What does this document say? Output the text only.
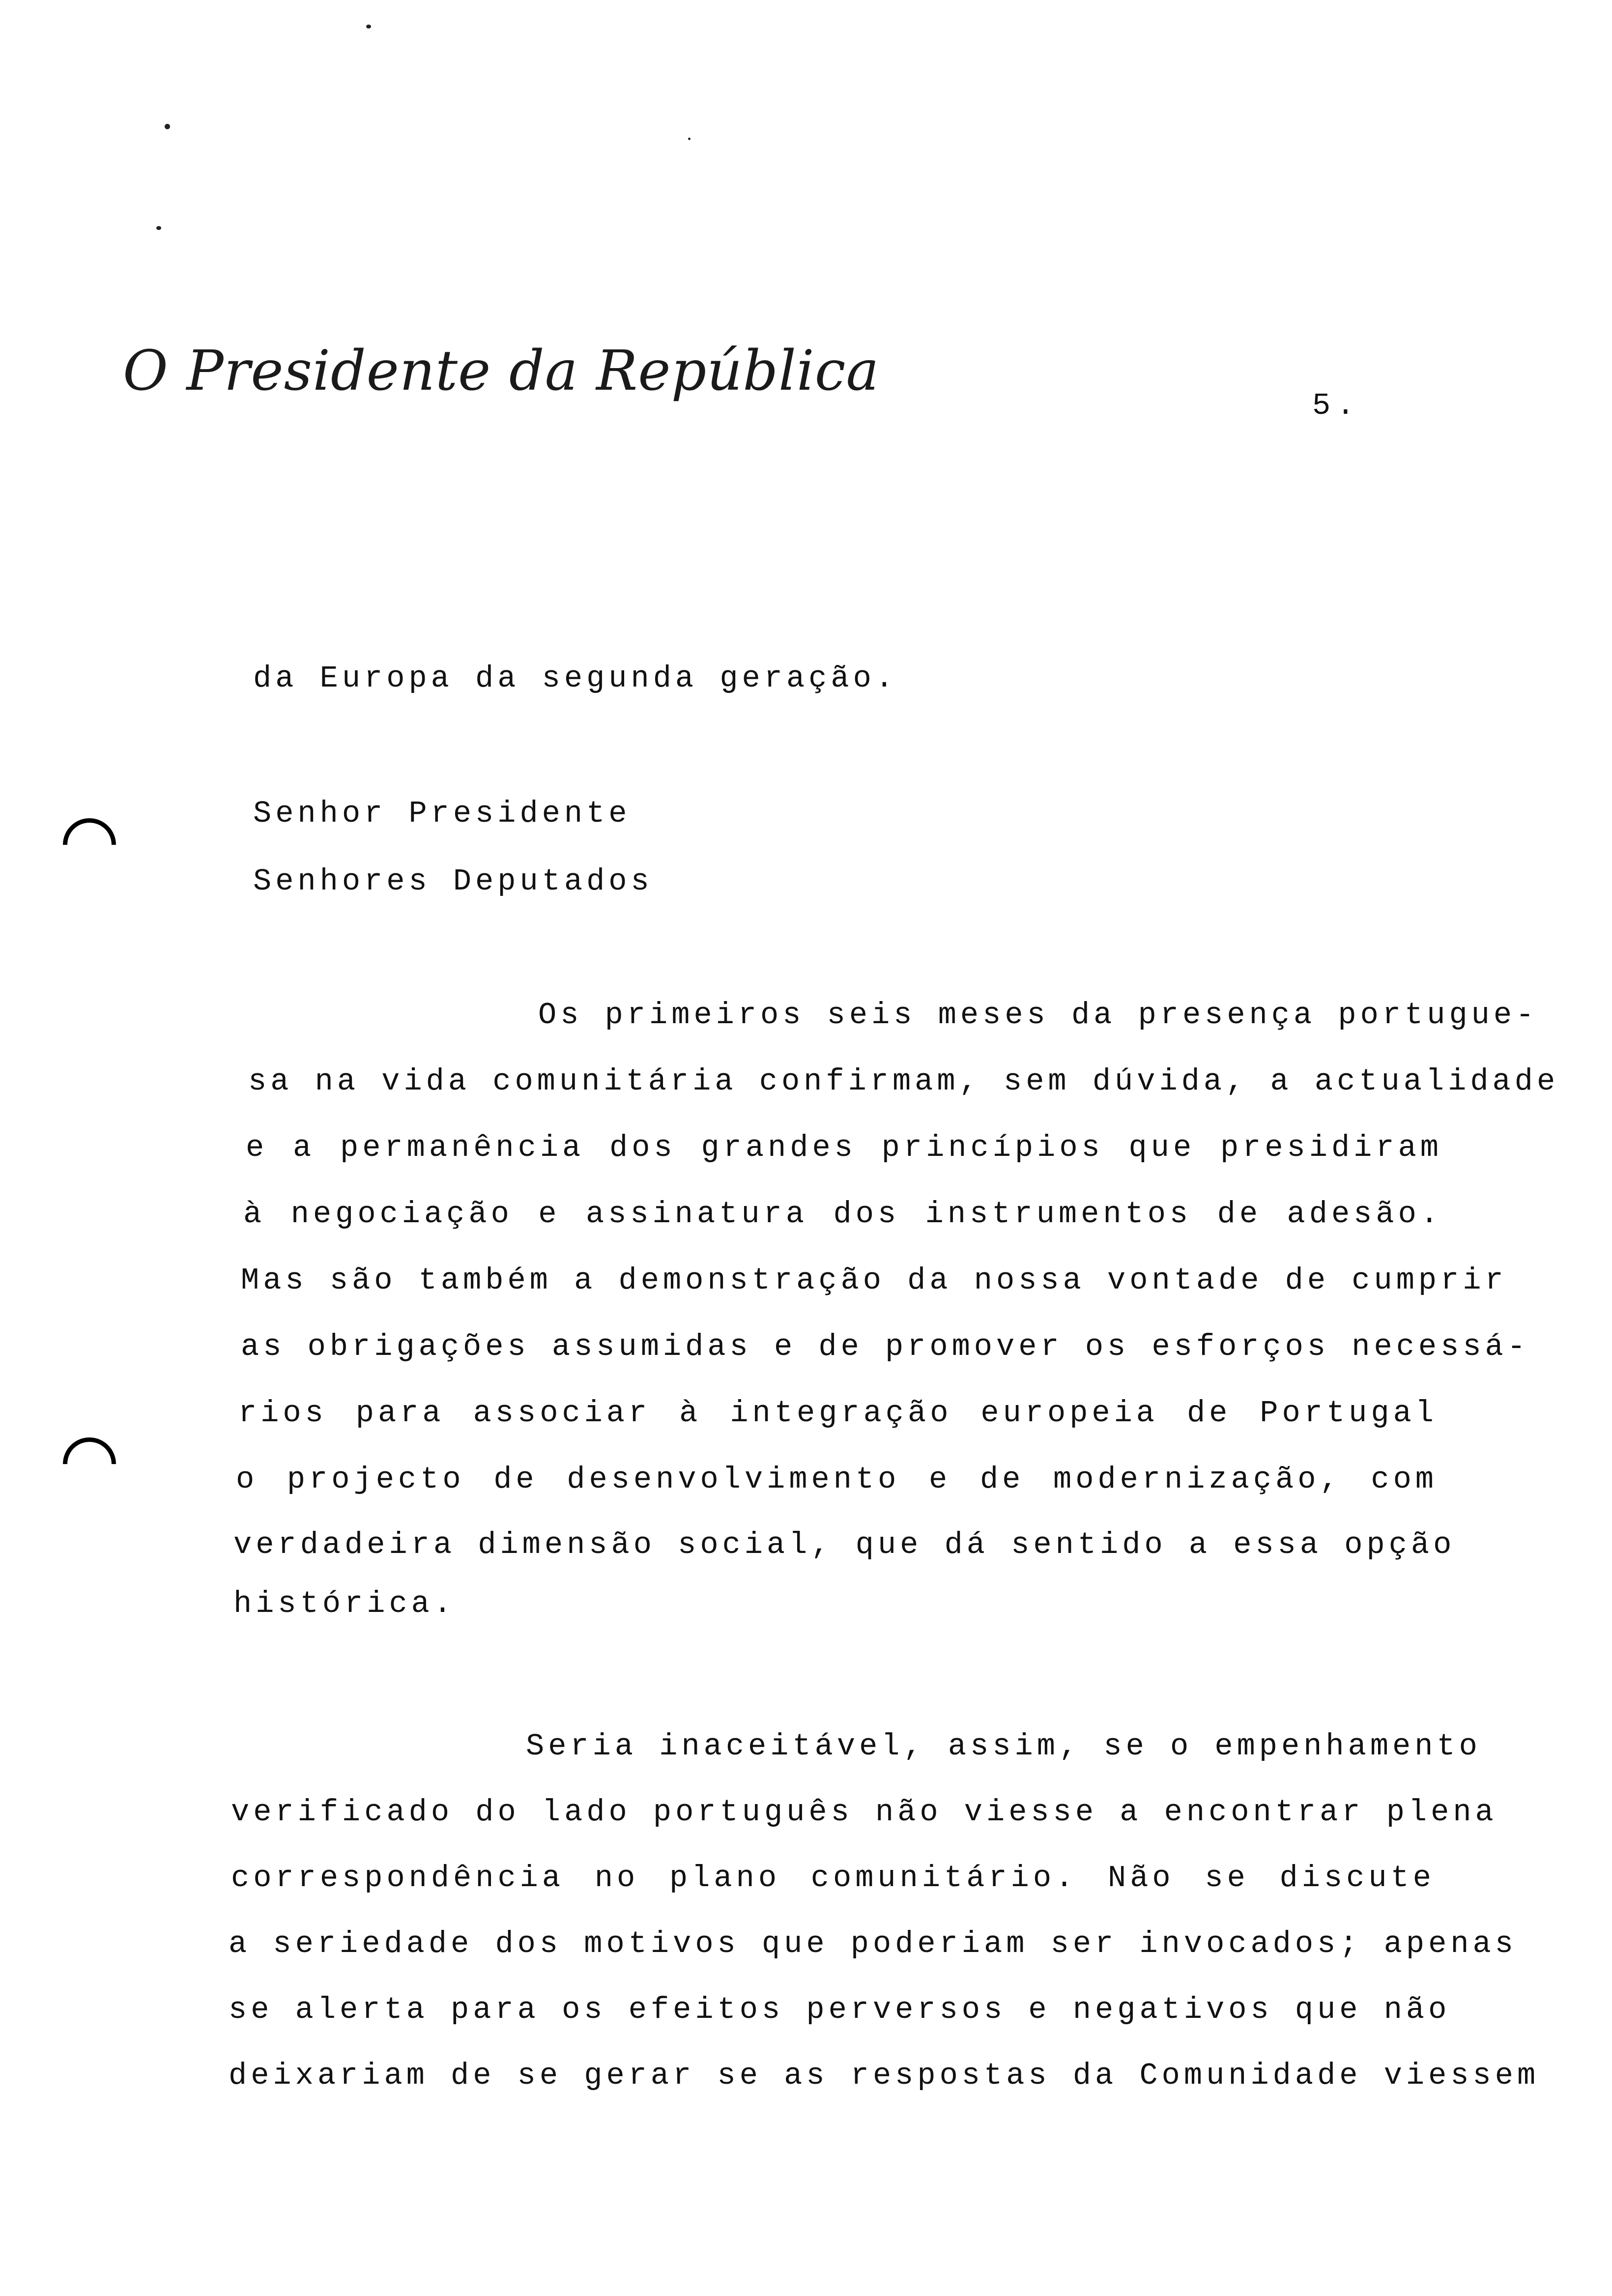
O Presidente da República
5.
da Europa da segunda geração.
Senhor Presidente
Senhores Deputados
Os primeiros seis meses da presença portugue-
sa na vida comunitária confirmam, sem dúvida, a actualidade
e a permanência dos grandes princípios que presidiram
à negociação e assinatura dos instrumentos de adesão.
Mas são também a demonstração da nossa vontade de cumprir
as obrigações assumidas e de promover os esforços necessá-
rios para associar à integração europeia de Portugal
o projecto de desenvolvimento e de modernização, com
verdadeira dimensão social, que dá sentido a essa opção
histórica.
Seria inaceitável, assim, se o empenhamento
verificado do lado português não viesse a encontrar plena
correspondência no plano comunitário. Não se discute
a seriedade dos motivos que poderiam ser invocados; apenas
se alerta para os efeitos perversos e negativos que não
deixariam de se gerar se as respostas da Comunidade viessem
